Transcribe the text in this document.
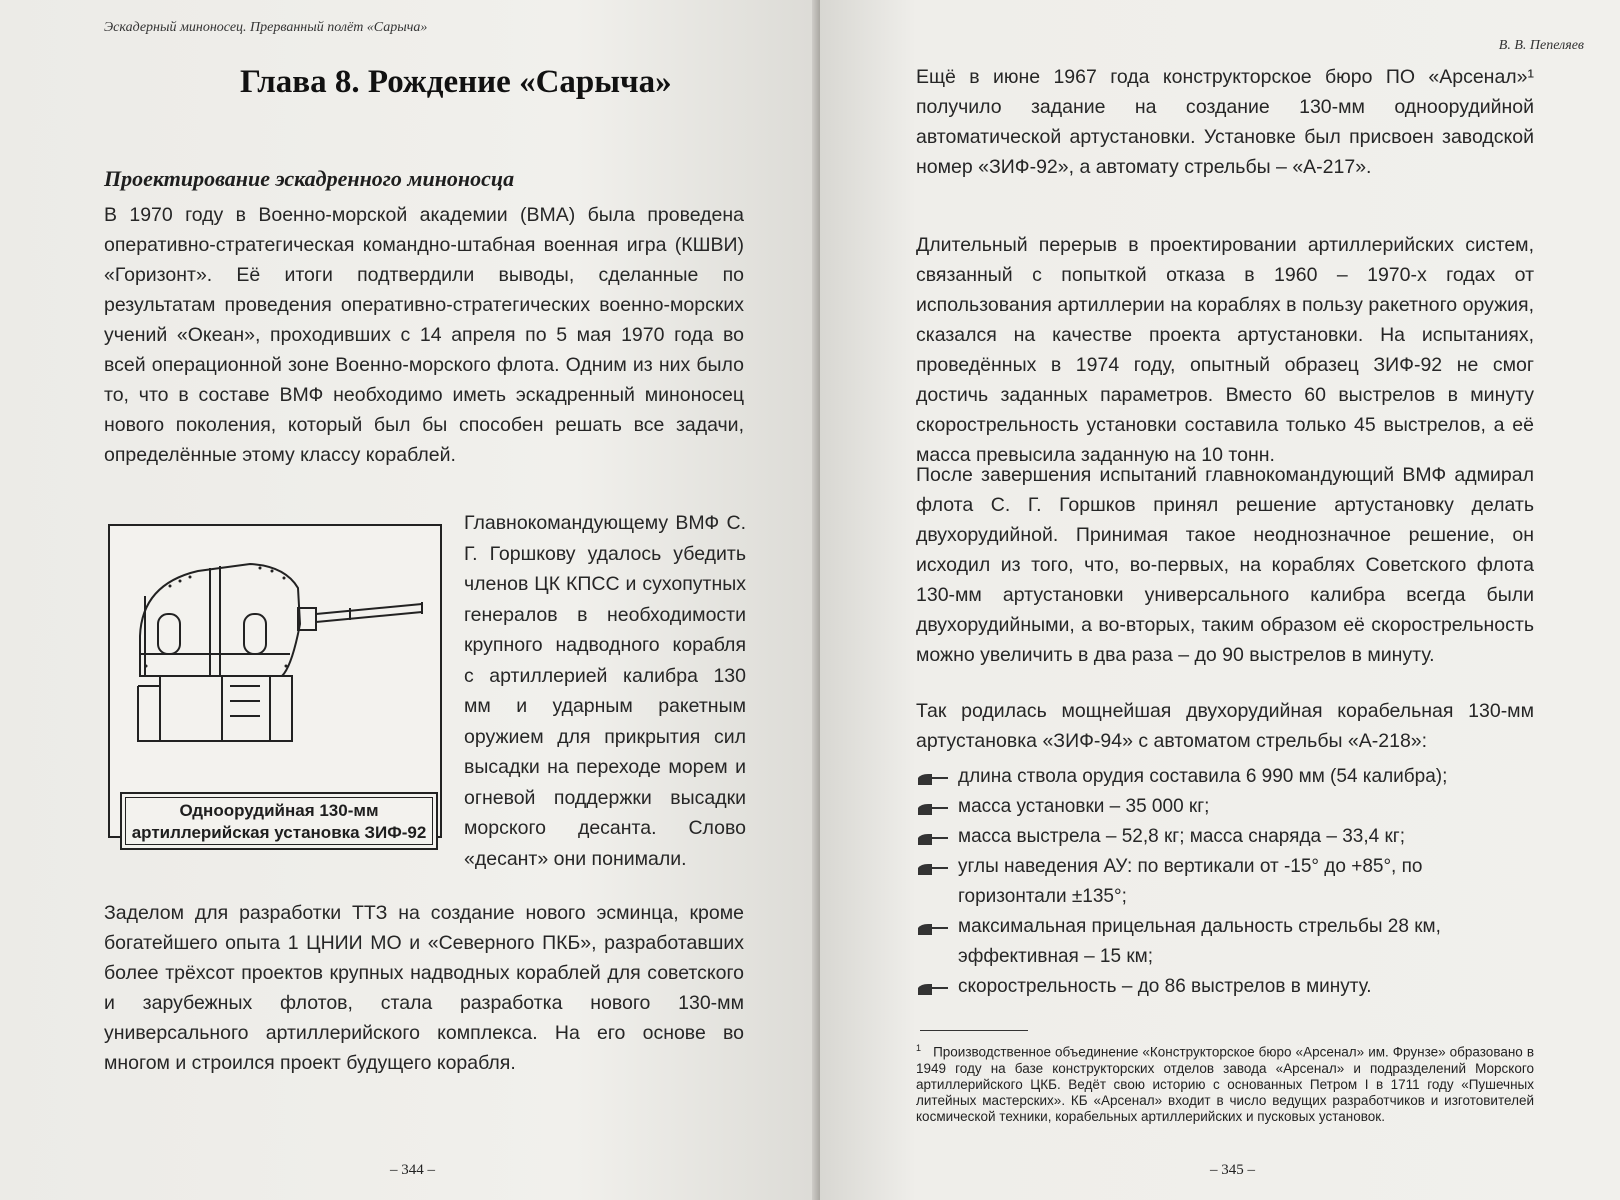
Эскадерный миноносец. Прерванный полёт «Сарыча»
Глава 8. Рождение «Сарыча»
Проектирование эскадренного миноносца

В 1970 году в Военно-морской академии (ВМА) была проведена оперативно-стратегическая командно-штабная военная игра (КШВИ) «Горизонт». Её итоги подтвердили выводы, сделанные по результатам проведения оперативно-стратегических военно-морских учений «Океан», проходивших с 14 апреля по 5 мая 1970 года во всей операционной зоне Военно-морского флота. Одним из них было то, что в составе ВМФ необходимо иметь эскадренный миноносец нового поколения, который был бы способен решать все задачи, определённые этому классу кораблей.

Одноорудийная 130-мм
артиллерийская установка ЗИФ-92

Главнокомандующему ВМФ С. Г. Горшкову удалось убедить членов ЦК КПСС и сухопутных генералов в необходимости крупного надводного корабля с артиллерией калибра 130 мм и ударным ракетным оружием для прикрытия сил высадки на переходе морем и огневой поддержки высадки морского десанта. Слово «десант» они понимали.

Заделом для разработки ТТЗ на создание нового эсминца, кроме богатейшего опыта 1 ЦНИИ МО и «Северного ПКБ», разработавших более трёхсот проектов крупных надводных кораблей для советского и зарубежных флотов, стала разработка нового 130-мм универсального артиллерийского комплекса. На его основе во многом и строился проект будущего корабля.

– 344 –
В. В. Пепеляев

Ещё в июне 1967 года конструкторское бюро ПО «Арсенал»¹ получило задание на создание 130-мм одноорудийной автоматической артустановки. Установке был присвоен заводской номер «ЗИФ-92», а автомату стрельбы – «А-217».

Длительный перерыв в проектировании артиллерийских систем, связанный с попыткой отказа в 1960 – 1970-х годах от использования артиллерии на кораблях в пользу ракетного оружия, сказался на качестве проекта артустановки. На испытаниях, проведённых в 1974 году, опытный образец ЗИФ-92 не смог достичь заданных параметров. Вместо 60 выстрелов в минуту скорострельность установки составила только 45 выстрелов, а её масса превысила заданную на 10 тонн.

После завершения испытаний главнокомандующий ВМФ адмирал флота С. Г. Горшков принял решение артустановку делать двухорудийной. Принимая такое неоднозначное решение, он исходил из того, что, во-первых, на кораблях Советского флота 130-мм артустановки универсального калибра всегда были двухорудийными, а во-вторых, таким образом её скорострельность можно увеличить в два раза – до 90 выстрелов в минуту.

Так родилась мощнейшая двухорудийная корабельная 130-мм артустановка «ЗИФ-94» с автоматом стрельбы «А-218»:

длина ствола орудия составила 6 990 мм (54 калибра);
масса установки – 35 000 кг;
масса выстрела – 52,8 кг; масса снаряда – 33,4 кг;
углы наведения АУ: по вертикали от -15° до +85°, по горизонтали ±135°;
максимальная прицельная дальность стрельбы 28 км, эффективная – 15 км;
скорострельность – до 86 выстрелов в минуту.
$^1$ Производственное объединение «Конструкторское бюро «Арсенал» им. Фрунзе» образовано в 1949 году на базе конструкторских отделов завода «Арсенал» и подразделений Морского артиллерийского ЦКБ. Ведёт свою историю с основанных Петром I в 1711 году «Пушечных литейных мастерских». КБ «Арсенал» входит в число ведущих разработчиков и изготовителей космической техники, корабельных артиллерийских и пусковых установок.
– 345 –
